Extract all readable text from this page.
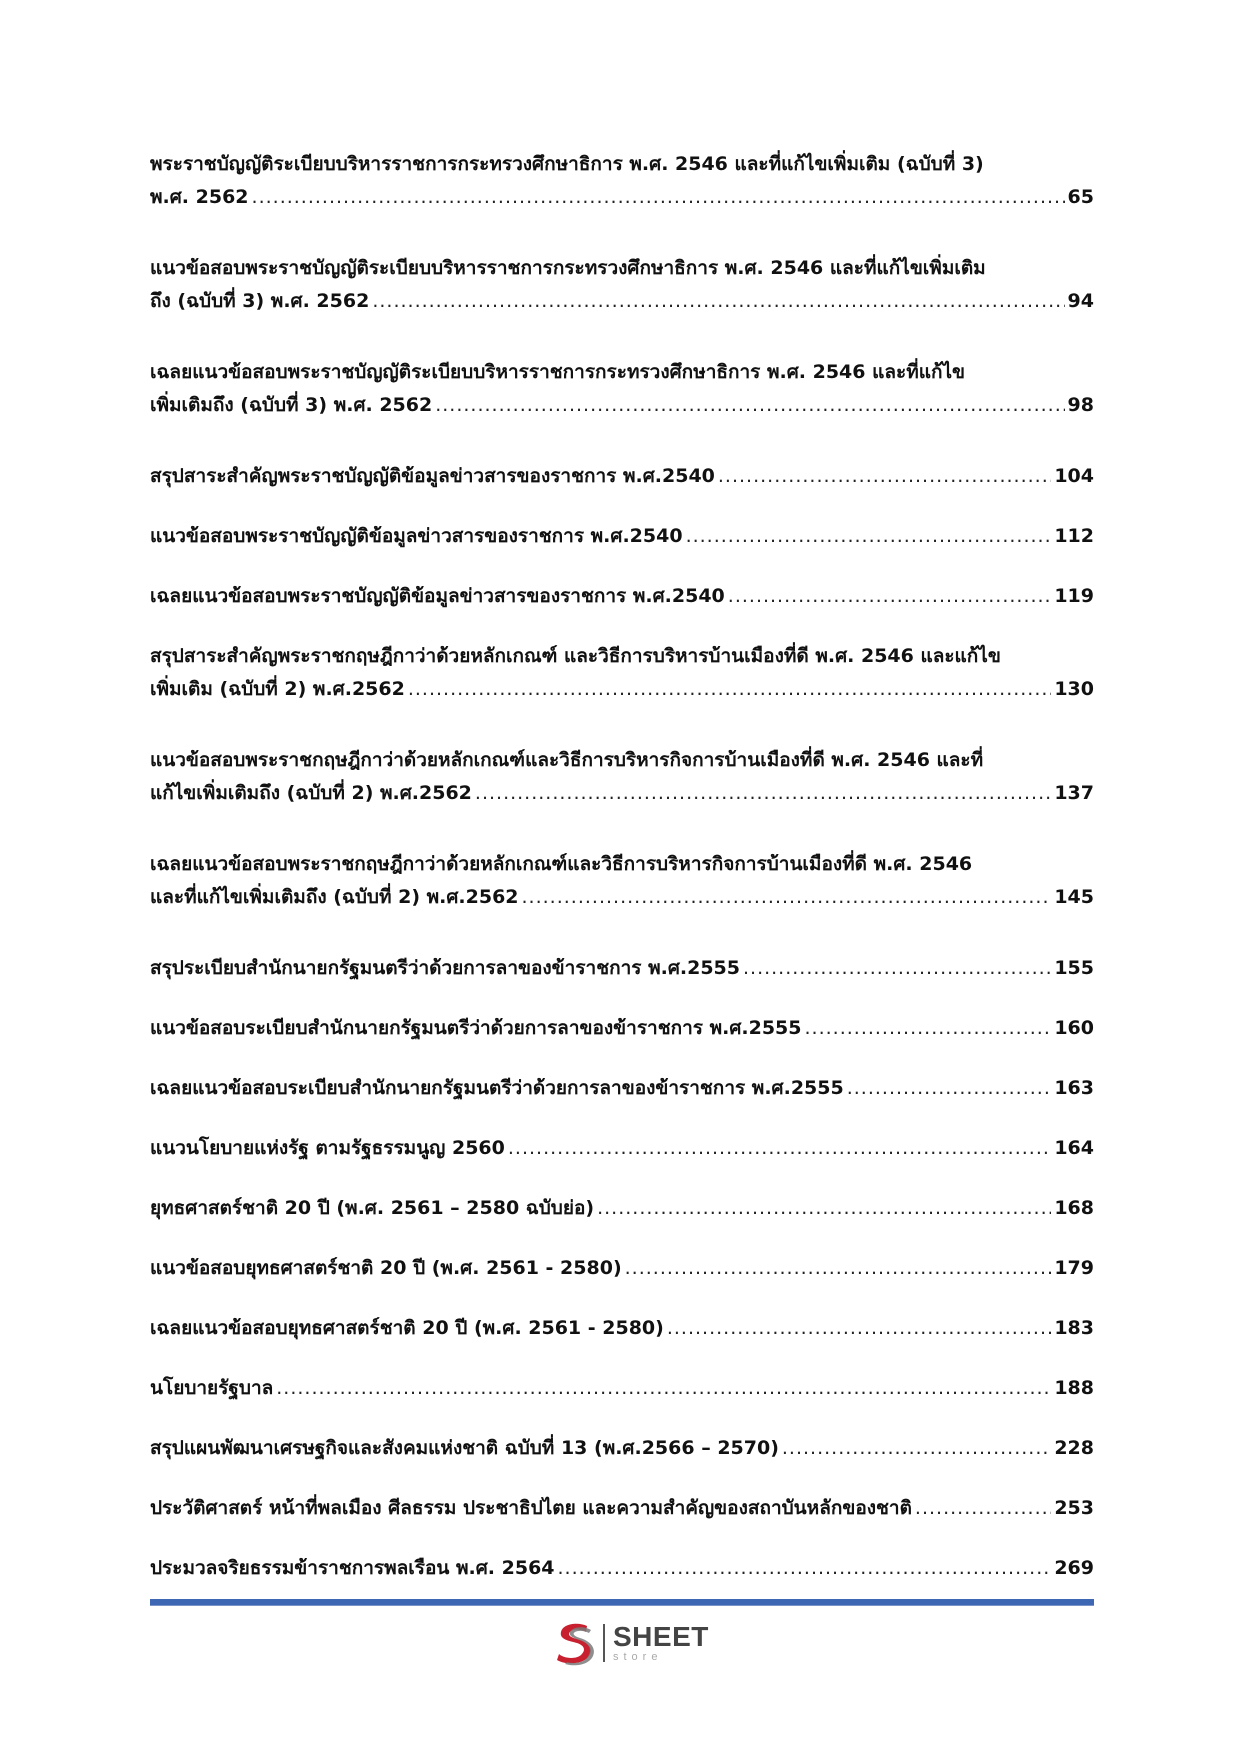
พระราชบัญญัติระเบียบบริหารราชการกระทรวงศึกษาธิการ พ.ศ. 2546 และที่แก้ไขเพิ่มเติม (ฉบับที่ 3)
พ.ศ. 2562 .....	65
แนวข้อสอบพระราชบัญญัติระเบียบบริหารราชการกระทรวงศึกษาธิการ พ.ศ. 2546 และที่แก้ไขเพิ่มเติม
ถึง (ฉบับที่ 3) พ.ศ. 2562 .....	94
เฉลยแนวข้อสอบพระราชบัญญัติระเบียบบริหารราชการกระทรวงศึกษาธิการ พ.ศ. 2546 และที่แก้ไข
เพิ่มเติมถึง (ฉบับที่ 3) พ.ศ. 2562 .....	98
สรุปสาระสำคัญพระราชบัญญัติข้อมูลข่าวสารของราชการ พ.ศ.2540 .....	104
แนวข้อสอบพระราชบัญญัติข้อมูลข่าวสารของราชการ พ.ศ.2540 .....	112
เฉลยแนวข้อสอบพระราชบัญญัติข้อมูลข่าวสารของราชการ พ.ศ.2540 .....	119
สรุปสาระสำคัญพระราชกฤษฎีกาว่าด้วยหลักเกณฑ์ และวิธีการบริหารบ้านเมืองที่ดี พ.ศ. 2546 และแก้ไข
เพิ่มเติม (ฉบับที่ 2) พ.ศ.2562 .....	130
แนวข้อสอบพระราชกฤษฎีกาว่าด้วยหลักเกณฑ์และวิธีการบริหารกิจการบ้านเมืองที่ดี พ.ศ. 2546 และที่
แก้ไขเพิ่มเติมถึง (ฉบับที่ 2) พ.ศ.2562 .....	137
เฉลยแนวข้อสอบพระราชกฤษฎีกาว่าด้วยหลักเกณฑ์และวิธีการบริหารกิจการบ้านเมืองที่ดี พ.ศ. 2546
และที่แก้ไขเพิ่มเติมถึง (ฉบับที่ 2) พ.ศ.2562 .....	145
สรุประเบียบสำนักนายกรัฐมนตรีว่าด้วยการลาของข้าราชการ พ.ศ.2555 .....	155
แนวข้อสอบระเบียบสำนักนายกรัฐมนตรีว่าด้วยการลาของข้าราชการ พ.ศ.2555 .....	160
เฉลยแนวข้อสอบระเบียบสำนักนายกรัฐมนตรีว่าด้วยการลาของข้าราชการ พ.ศ.2555 .....	163
แนวนโยบายแห่งรัฐ ตามรัฐธรรมนูญ 2560 .....	164
ยุทธศาสตร์ชาติ 20 ปี (พ.ศ. 2561 – 2580 ฉบับย่อ) .....	168
แนวข้อสอบยุทธศาสตร์ชาติ 20 ปี (พ.ศ. 2561 - 2580) .....	179
เฉลยแนวข้อสอบยุทธศาสตร์ชาติ 20 ปี (พ.ศ. 2561 - 2580) .....	183
นโยบายรัฐบาล .....	188
สรุปแผนพัฒนาเศรษฐกิจและสังคมแห่งชาติ ฉบับที่ 13 (พ.ศ.2566 – 2570) .....	228
ประวัติศาสตร์ หน้าที่พลเมือง ศีลธรรม ประชาธิปไตย และความสำคัญของสถาบันหลักของชาติ .....	253
ประมวลจริยธรรมข้าราชการพลเรือน พ.ศ. 2564 .....	269
SHEET
store
